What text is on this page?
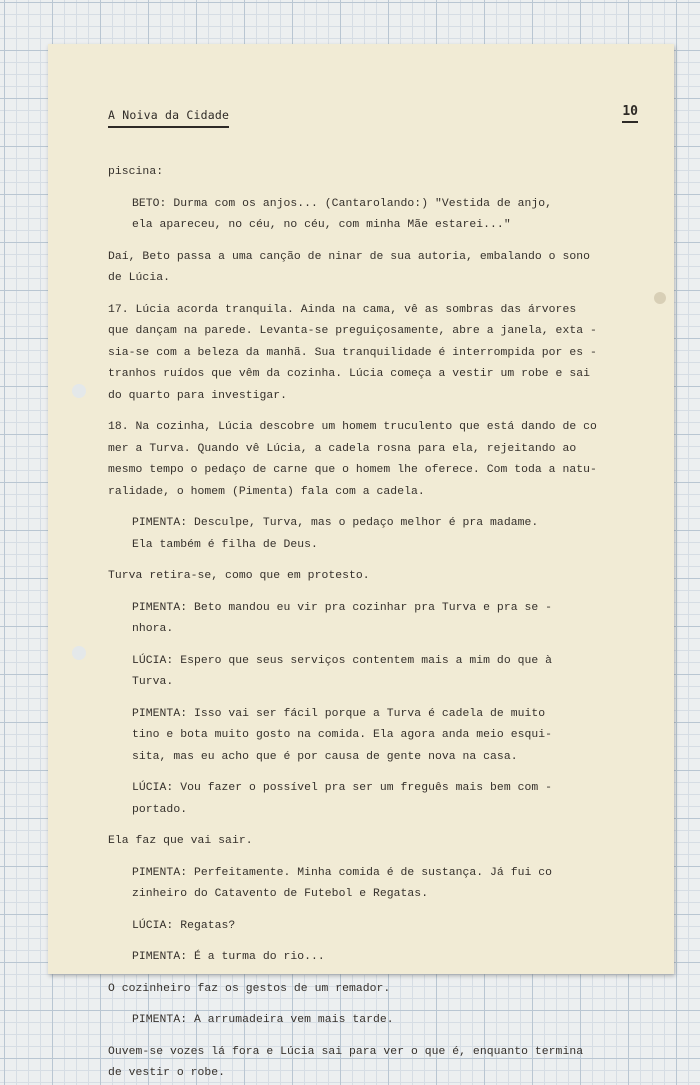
A Noiva da Cidade	10
piscina:
BETO: Durma com os anjos... (Cantarolando:) "Vestida de anjo,
ela apareceu, no céu, no céu, com minha Mãe estarei..."
Daí, Beto passa a uma canção de ninar de sua autoria, embalando o sono
de Lúcia.
17. Lúcia acorda tranquila. Ainda na cama, vê as sombras das árvores
que dançam na parede. Levanta-se preguiçosamente, abre a janela, exta -
sia-se com a beleza da manhã. Sua tranquilidade é interrompida por es -
tranhos ruídos que vêm da cozinha. Lúcia começa a vestir um robe e sai
do quarto para investigar.
18. Na cozinha, Lúcia descobre um homem truculento que está dando de co
mer a Turva. Quando vê Lúcia, a cadela rosna para ela, rejeitando ao
mesmo tempo o pedaço de carne que o homem lhe oferece. Com toda a natu-
ralidade, o homem (Pimenta) fala com a cadela.
PIMENTA: Desculpe, Turva, mas o pedaço melhor é pra madame.
Ela também é filha de Deus.
Turva retira-se, como que em protesto.
PIMENTA: Beto mandou eu vir pra cozinhar pra Turva e pra se -
nhora.
LÚCIA: Espero que seus serviços contentem mais a mim do que à
Turva.
PIMENTA: Isso vai ser fácil porque a Turva é cadela de muito
tino e bota muito gosto na comida. Ela agora anda meio esqui-
sita, mas eu acho que é por causa de gente nova na casa.
LÚCIA: Vou fazer o possível pra ser um freguês mais bem com -
portado.
Ela faz que vai sair.
PIMENTA: Perfeitamente. Minha comida é de sustança. Já fui co
zinheiro do Catavento de Futebol e Regatas.
LÚCIA: Regatas?
PIMENTA: É a turma do rio...
O cozinheiro faz os gestos de um remador.
PIMENTA: A arrumadeira vem mais tarde.
Ouvem-se vozes lá fora e Lúcia sai para ver o que é, enquanto termina
de vestir o robe.
